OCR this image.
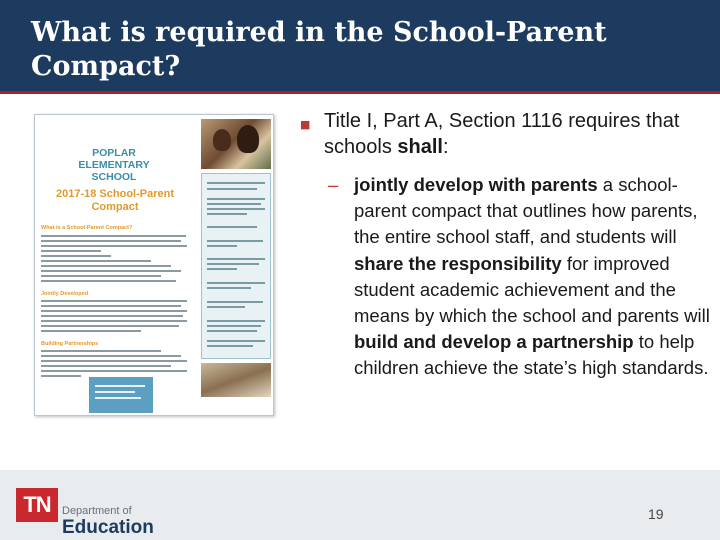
What is required in the School-Parent Compact?
POPLAR
ELEMENTARY
SCHOOL
2017-18 School-Parent
Compact
What is a School-Parent Compact?
Jointly Developed
Building Partnerships
■ Title I, Part A, Section 1116 requires that schools shall:
– jointly develop with parents a school-parent compact that outlines how parents, the entire school staff, and students will share the responsibility for improved student academic achievement and the means by which the school and parents will build and develop a partnership to help children achieve the state’s high standards.
TN	Department of
Education
19
